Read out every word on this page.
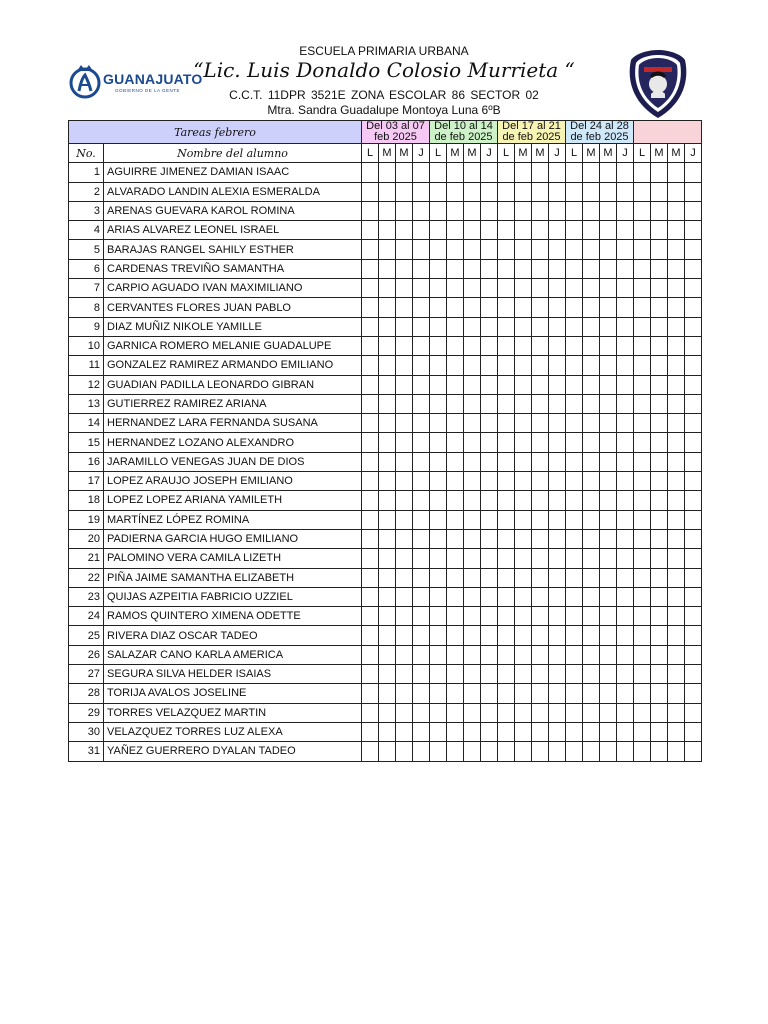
GUANAJUATO
GOBIERNO DE LA GENTE
ESCUELA PRIMARIA URBANA
“Lic. Luis Donaldo Colosio Murrieta “
C.C.T. 11DPR 3521E ZONA ESCOLAR 86 SECTOR 02
Mtra. Sandra Guadalupe Montoya Luna 6ºB
Tareas febrero		Del 03 al 07 feb 2025				Del 10 al 14 de feb 2025				Del 17 al 21 de feb 2025				Del 24 al 28 de feb 2025							
No.	Nombre del alumno	L	M	M	J	L	M	M	J	L	M	M	J	L	M	M	J	L	M	M	J
1	AGUIRRE JIMENEZ DAMIAN ISAAC																				
2	ALVARADO LANDIN ALEXIA ESMERALDA																				
3	ARENAS GUEVARA KAROL ROMINA																				
4	ARIAS ALVAREZ LEONEL ISRAEL																				
5	BARAJAS RANGEL SAHILY ESTHER																				
6	CARDENAS TREVIÑO SAMANTHA																				
7	CARPIO AGUADO IVAN MAXIMILIANO																				
8	CERVANTES FLORES JUAN PABLO																				
9	DIAZ MUÑIZ NIKOLE YAMILLE																				
10	GARNICA ROMERO MELANIE GUADALUPE																				
11	GONZALEZ RAMIREZ ARMANDO EMILIANO																				
12	GUADIAN PADILLA LEONARDO GIBRAN																				
13	GUTIERREZ RAMIREZ ARIANA																				
14	HERNANDEZ LARA FERNANDA SUSANA																				
15	HERNANDEZ LOZANO ALEXANDRO																				
16	JARAMILLO VENEGAS JUAN DE DIOS																				
17	LOPEZ ARAUJO JOSEPH EMILIANO																				
18	LOPEZ LOPEZ ARIANA YAMILETH																				
19	MARTÍNEZ LÓPEZ ROMINA																				
20	PADIERNA GARCIA HUGO EMILIANO																				
21	PALOMINO VERA CAMILA LIZETH																				
22	PIÑA JAIME SAMANTHA ELIZABETH																				
23	QUIJAS AZPEITIA FABRICIO UZZIEL																				
24	RAMOS QUINTERO XIMENA ODETTE																				
25	RIVERA DIAZ OSCAR TADEO																				
26	SALAZAR CANO KARLA AMERICA																				
27	SEGURA SILVA HELDER ISAIAS																				
28	TORIJA AVALOS JOSELINE																				
29	TORRES VELAZQUEZ MARTIN																				
30	VELAZQUEZ TORRES LUZ ALEXA																				
31	YAÑEZ GUERRERO DYALAN TADEO																				
